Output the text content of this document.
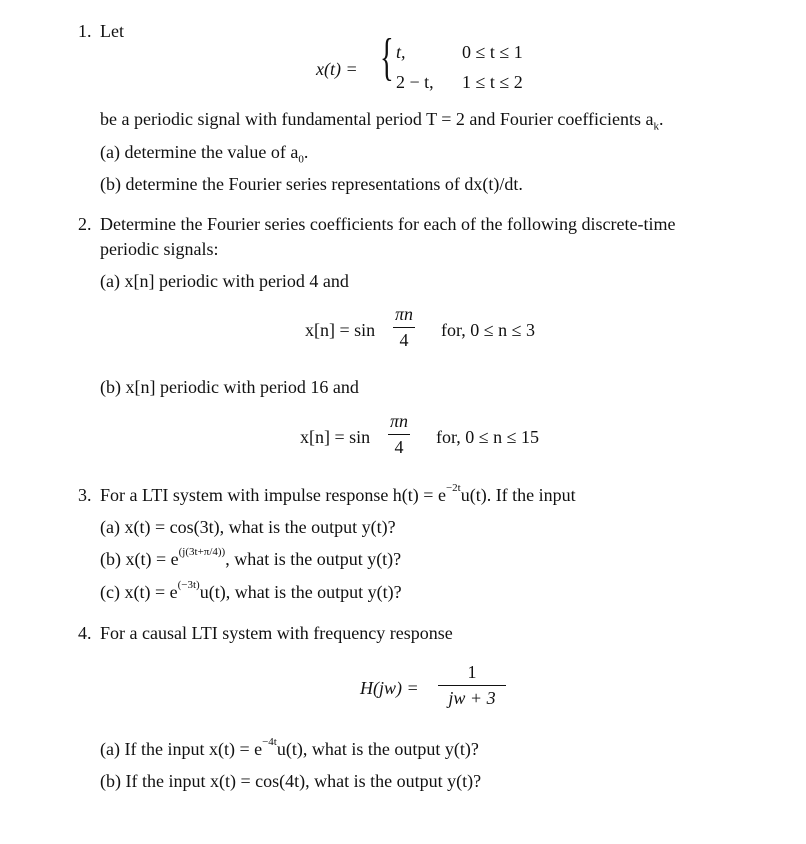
1. Let
x(t) = { t,	0 ≤ t ≤ 1
2 − t, 1 ≤ t ≤ 2
be a periodic signal with fundamental period T = 2 and Fourier coefficients $a_k$.
(a) determine the value of $a_0$.
(b) determine the Fourier series representations of dx(t)/dt.
2. Determine the Fourier series coefficients for each of the following discrete-time
periodic signals:
(a) x[n] periodic with period 4 and
$x[n] = \sin \frac{\pi n}{4}$ for, 0 ≤ n ≤ 3
(b) x[n] periodic with period 16 and
$x[n] = \sin \frac{\pi n}{4}$ for, 0 ≤ n ≤ 15
3. For a LTI system with impulse response $h(t) = e^{-2t}u(t)$. If the input
(a) x(t) = cos(3t), what is the output y(t)?
(b) $x(t) = e^{(j(3t+\pi/4))}$, what is the output y(t)?
(c) $x(t) = e^{(-3t)}u(t)$, what is the output y(t)?
4. For a causal LTI system with frequency response
$H(jw) = \frac{1}{jw + 3}$
(a) If the input $x(t) = e^{-4t}u(t)$, what is the output y(t)?
(b) If the input x(t) = cos(4t), what is the output y(t)?
